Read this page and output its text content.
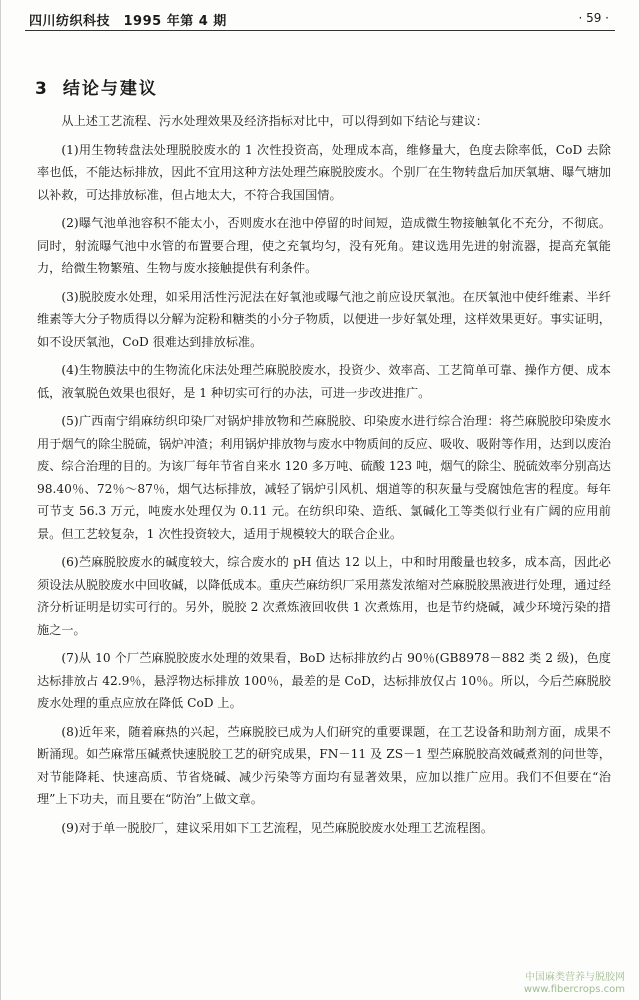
四川纺织科技　1995 年第 4 期	· 59 ·
3 结论与建议

从上述工艺流程、污水处理效果及经济指标对比中，可以得到如下结论与建议：

(1)用生物转盘法处理脱胶废水的 1 次性投资高，处理成本高，维修量大，色度去除率低，CoD 去除率也低，不能达标排放，因此不宜用这种方法处理苎麻脱胶废水。个别厂在生物转盘后加厌氧塘、曝气塘加以补救，可达排放标准，但占地太大，不符合我国国情。

(2)曝气池单池容积不能太小，否则废水在池中停留的时间短，造成微生物接触氧化不充分，不彻底。同时，射流曝气池中水管的布置要合理，使之充氧均匀，没有死角。建议选用先进的射流器，提高充氧能力，给微生物繁殖、生物与废水接触提供有利条件。

(3)脱胶废水处理，如采用活性污泥法在好氧池或曝气池之前应设厌氧池。在厌氧池中使纤维素、半纤维素等大分子物质得以分解为淀粉和糖类的小分子物质，以便进一步好氧处理，这样效果更好。事实证明，如不设厌氧池，CoD 很难达到排放标准。

(4)生物膜法中的生物流化床法处理苎麻脱胶废水，投资少、效率高、工艺简单可靠、操作方便、成本低，液氧脱色效果也很好，是 1 种切实可行的办法，可进一步改进推广。

(5)广西南宁绢麻纺织印染厂对锅炉排放物和苎麻脱胶、印染废水进行综合治理：将苎麻脱胶印染废水用于烟气的除尘脱硫，锅炉冲渣；利用锅炉排放物与废水中物质间的反应、吸收、吸附等作用，达到以废治废、综合治理的目的。为该厂每年节省自来水 120 多万吨、硫酸 123 吨，烟气的除尘、脱硫效率分别高达 98.40％、72％～87％，烟气达标排放，减轻了锅炉引风机、烟道等的积灰量与受腐蚀危害的程度。每年可节支 56.3 万元，吨废水处理仅为 0.11 元。在纺织印染、造纸、氯碱化工等类似行业有广阔的应用前景。但工艺较复杂，1 次性投资较大，适用于规模较大的联合企业。

(6)苎麻脱胶废水的碱度较大，综合废水的 pH 值达 12 以上，中和时用酸量也较多，成本高，因此必须设法从脱胶废水中回收碱，以降低成本。重庆苎麻纺织厂采用蒸发浓缩对苎麻脱胶黑液进行处理，通过经济分析证明是切实可行的。另外，脱胶 2 次煮炼液回收供 1 次煮炼用，也是节约烧碱，减少环境污染的措施之一。

(7)从 10 个厂苎麻脱胶废水处理的效果看，BoD 达标排放约占 90％(GB8978－882 类 2 级)，色度达标排放占 42.9％，悬浮物达标排放 100％，最差的是 CoD，达标排放仅占 10％。所以，今后苎麻脱胶废水处理的重点应放在降低 CoD 上。

(8)近年来，随着麻热的兴起，苎麻脱胶已成为人们研究的重要课题，在工艺设备和助剂方面，成果不断涌现。如苎麻常压碱煮快速脱胶工艺的研究成果，FN－11 及 ZS－1 型苎麻脱胶高效碱煮剂的问世等，对节能降耗、快速高质、节省烧碱、减少污染等方面均有显著效果，应加以推广应用。我们不但要在“治理”上下功夫，而且要在“防治”上做文章。

(9)对于单一脱胶厂，建议采用如下工艺流程，见苎麻脱胶废水处理工艺流程图。

中国麻类营养与脱胶网
www.fibercrops.com
